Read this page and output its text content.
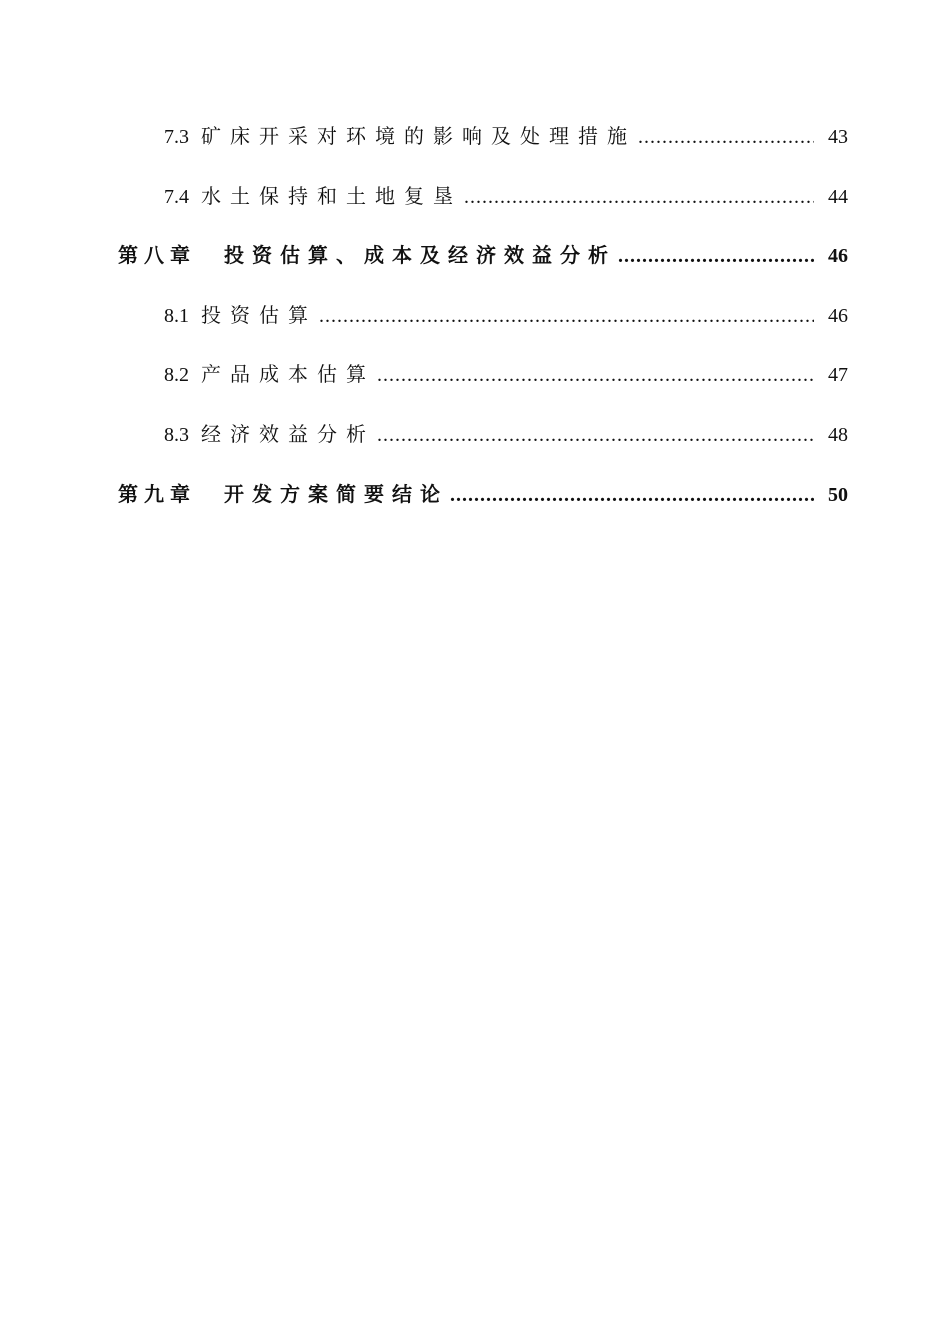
7.3 矿床开采对环境的影响及处理措施 .....	43
7.4 水土保持和土地复垦 .....	44
第八章 投资估算、成本及经济效益分析 .....	46
8.1 投资估算 .....	46
8.2 产品成本估算 .....	47
8.3 经济效益分析 .....	48
第九章 开发方案简要结论 .....	50
